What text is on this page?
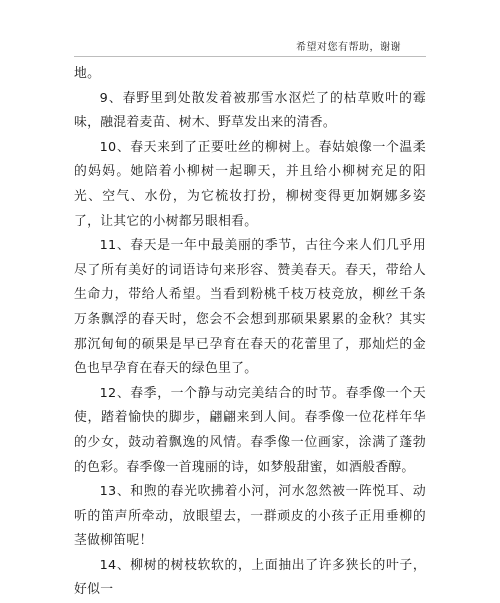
希望对您有帮助，谢谢

地。

9、春野里到处散发着被那雪水沤烂了的枯草败叶的霉味，融混着麦苗、树木、野草发出来的清香。

10、春天来到了正要吐丝的柳树上。春姑娘像一个温柔的妈妈。她陪着小柳树一起聊天，并且给小柳树充足的阳光、空气、水份，为它梳妆打扮，柳树变得更加婀娜多姿了，让其它的小树都另眼相看。

11、春天是一年中最美丽的季节，古往今来人们几乎用尽了所有美好的词语诗句来形容、赞美春天。春天，带给人生命力，带给人希望。当看到粉桃千枝万枝竞放，柳丝千条万条飘浮的春天时，您会不会想到那硕果累累的金秋？其实那沉甸甸的硕果是早已孕育在春天的花蕾里了，那灿烂的金色也早孕育在春天的绿色里了。

12、春季，一个静与动完美结合的时节。春季像一个天使，踏着愉快的脚步，翩翩来到人间。春季像一位花样年华的少女，鼓动着飘逸的风情。春季像一位画家，涂满了蓬勃的色彩。春季像一首瑰丽的诗，如梦般甜蜜，如酒般香醇。

13、和煦的春光吹拂着小河，河水忽然被一阵悦耳、动听的笛声所牵动，放眼望去，一群顽皮的小孩子正用垂柳的茎做柳笛呢！

14、柳树的树枝软软的，上面抽出了许多狭长的叶子，好似一
